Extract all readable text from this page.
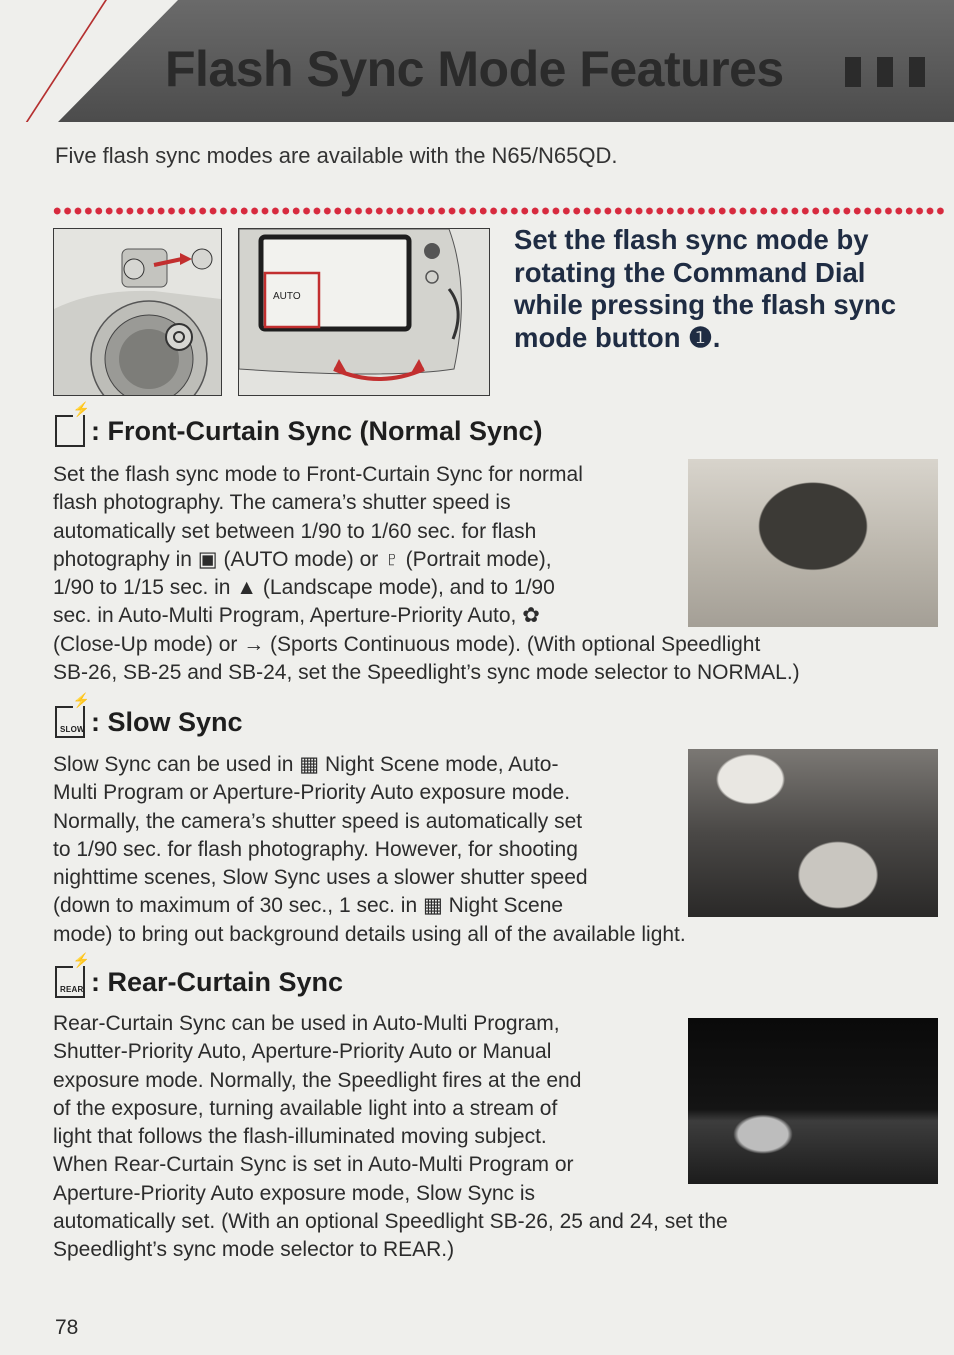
Flash Sync Mode Features
Five flash sync modes are available with the N65/N65QD.
AUTO
Set the flash sync mode by rotating the Command Dial while pressing the flash sync mode button ❶.
⚡
: Front-Curtain Sync (Normal Sync)
Set the flash sync mode to Front-Curtain Sync for normal
flash photography. The camera’s shutter speed is
automatically set between 1/90 to 1/60 sec. for flash
photography in ▣ (AUTO mode) or ♇ (Portrait mode),
1/90 to 1/15 sec. in ▲ (Landscape mode), and to 1/90
sec. in Auto-Multi Program, Aperture-Priority Auto, ✿
(Close-Up mode) or → (Sports Continuous mode). (With optional Speedlight
SB-26, SB-25 and SB-24, set the Speedlight’s sync mode selector to NORMAL.)
⚡
SLOW : Slow Sync
Slow Sync can be used in ▦ Night Scene mode, Auto-
Multi Program or Aperture-Priority Auto exposure mode.
Normally, the camera’s shutter speed is automatically set
to 1/90 sec. for flash photography. However, for shooting
nighttime scenes, Slow Sync uses a slower shutter speed
(down to maximum of 30 sec., 1 sec. in ▦ Night Scene
mode) to bring out background details using all of the available light.
⚡
REAR : Rear-Curtain Sync
Rear-Curtain Sync can be used in Auto-Multi Program,
Shutter-Priority Auto, Aperture-Priority Auto or Manual
exposure mode. Normally, the Speedlight fires at the end
of the exposure, turning available light into a stream of
light that follows the flash-illuminated moving subject.
When Rear-Curtain Sync is set in Auto-Multi Program or
Aperture-Priority Auto exposure mode, Slow Sync is
automatically set. (With an optional Speedlight SB-26, 25 and 24, set the
Speedlight’s sync mode selector to REAR.)
78
